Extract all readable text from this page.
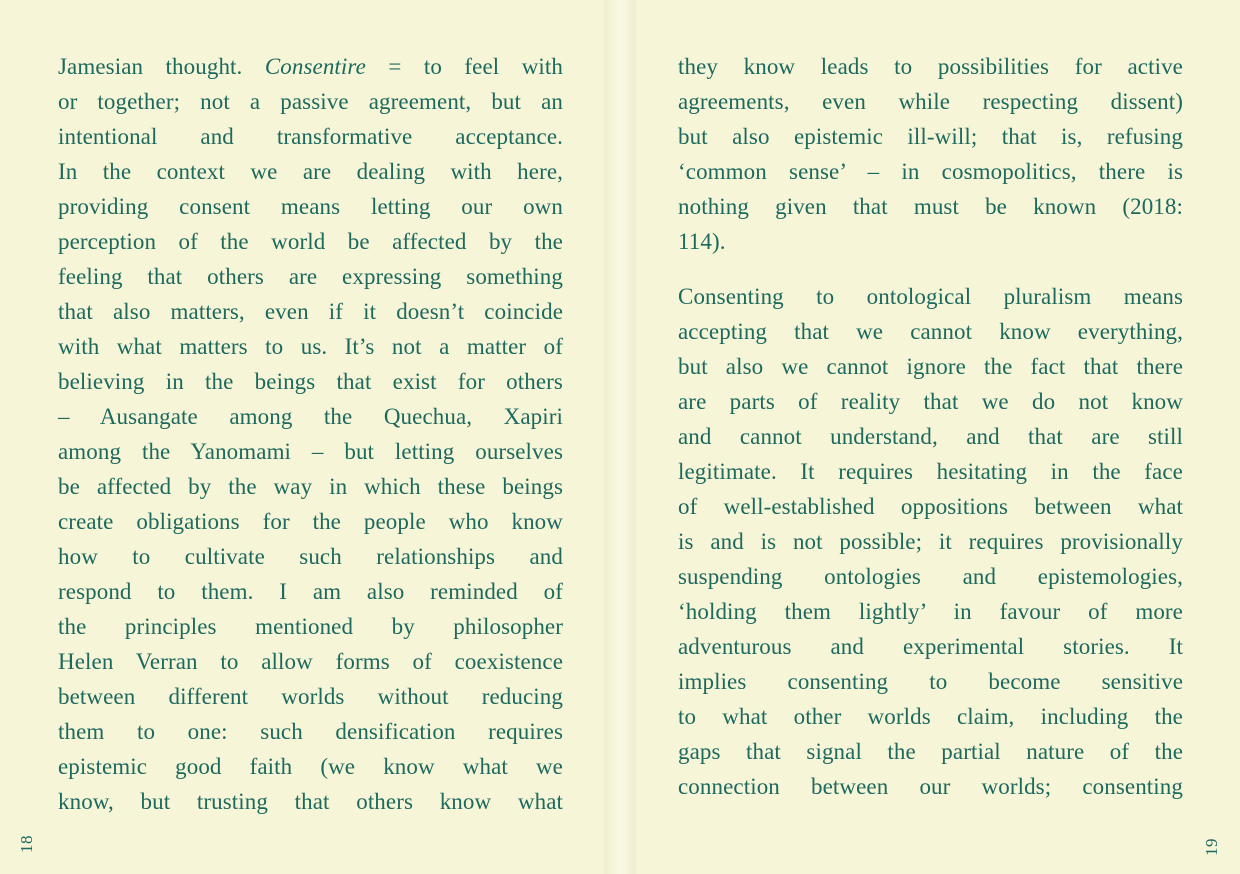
Jamesian thought. Consentire = to feel with
or together; not a passive agreement, but an
intentional and transformative acceptance.
In the context we are dealing with here,
providing consent means letting our own
perception of the world be affected by the
feeling that others are expressing something
that also matters, even if it doesn’t coincide
with what matters to us. It’s not a matter of
believing in the beings that exist for others
– Ausangate among the Quechua, Xapiri
among the Yanomami – but letting ourselves
be affected by the way in which these beings
create obligations for the people who know
how to cultivate such relationships and
respond to them. I am also reminded of
the principles mentioned by philosopher
Helen Verran to allow forms of coexistence
between different worlds without reducing
them to one: such densification requires
epistemic good faith (we know what we
know, but trusting that others know what
they know leads to possibilities for active
agreements, even while respecting dissent)
but also epistemic ill-will; that is, refusing
‘common sense’ – in cosmopolitics, there is
nothing given that must be known (2018:
114).
Consenting to ontological pluralism means
accepting that we cannot know everything,
but also we cannot ignore the fact that there
are parts of reality that we do not know
and cannot understand, and that are still
legitimate. It requires hesitating in the face
of well-established oppositions between what
is and is not possible; it requires provisionally
suspending ontologies and epistemologies,
‘holding them lightly’ in favour of more
adventurous and experimental stories. It
implies consenting to become sensitive
to what other worlds claim, including the
gaps that signal the partial nature of the
connection between our worlds; consenting
18	19
